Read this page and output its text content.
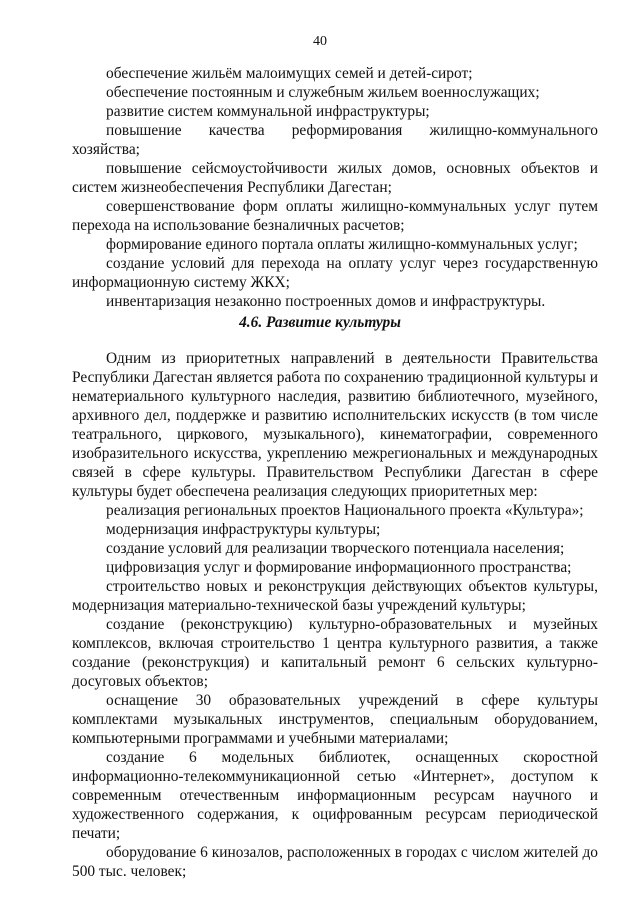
40
обеспечение жильём малоимущих семей и детей-сирот;
обеспечение постоянным и служебным жильем военнослужащих;
развитие систем коммунальной инфраструктуры;
повышение качества реформирования жилищно-коммунального хозяйства;
повышение сейсмоустойчивости жилых домов, основных объектов и систем жизнеобеспечения Республики Дагестан;
совершенствование форм оплаты жилищно-коммунальных услуг путем перехода на использование безналичных расчетов;
формирование единого портала оплаты жилищно-коммунальных услуг;
создание условий для перехода на оплату услуг через государственную информационную систему ЖКХ;
инвентаризация незаконно построенных домов и инфраструктуры.
4.6. Развитие культуры
Одним из приоритетных направлений в деятельности Правительства Республики Дагестан является работа по сохранению традиционной культуры и нематериального культурного наследия, развитию библиотечного, музейного, архивного дел, поддержке и развитию исполнительских искусств (в том числе театрального, циркового, музыкального), кинематографии, современного изобразительного искусства, укреплению межрегиональных и международных связей в сфере культуры. Правительством Республики Дагестан в сфере культуры будет обеспечена реализация следующих приоритетных мер:
реализация региональных проектов Национального проекта «Культура»;
модернизация инфраструктуры культуры;
создание условий для реализации творческого потенциала населения;
цифровизация услуг и формирование информационного пространства;
строительство новых и реконструкция действующих объектов культуры, модернизация материально-технической базы учреждений культуры;
создание (реконструкцию) культурно-образовательных и музейных комплексов, включая строительство 1 центра культурного развития, а также создание (реконструкция) и капитальный ремонт 6 сельских культурно-досуговых объектов;
оснащение 30 образовательных учреждений в сфере культуры комплектами музыкальных инструментов, специальным оборудованием, компьютерными программами и учебными материалами;
создание 6 модельных библиотек, оснащенных скоростной информационно-телекоммуникационной сетью «Интернет», доступом к современным отечественным информационным ресурсам научного и художественного содержания, к оцифрованным ресурсам периодической печати;
оборудование 6 кинозалов, расположенных в городах с числом жителей до 500 тыс. человек;
